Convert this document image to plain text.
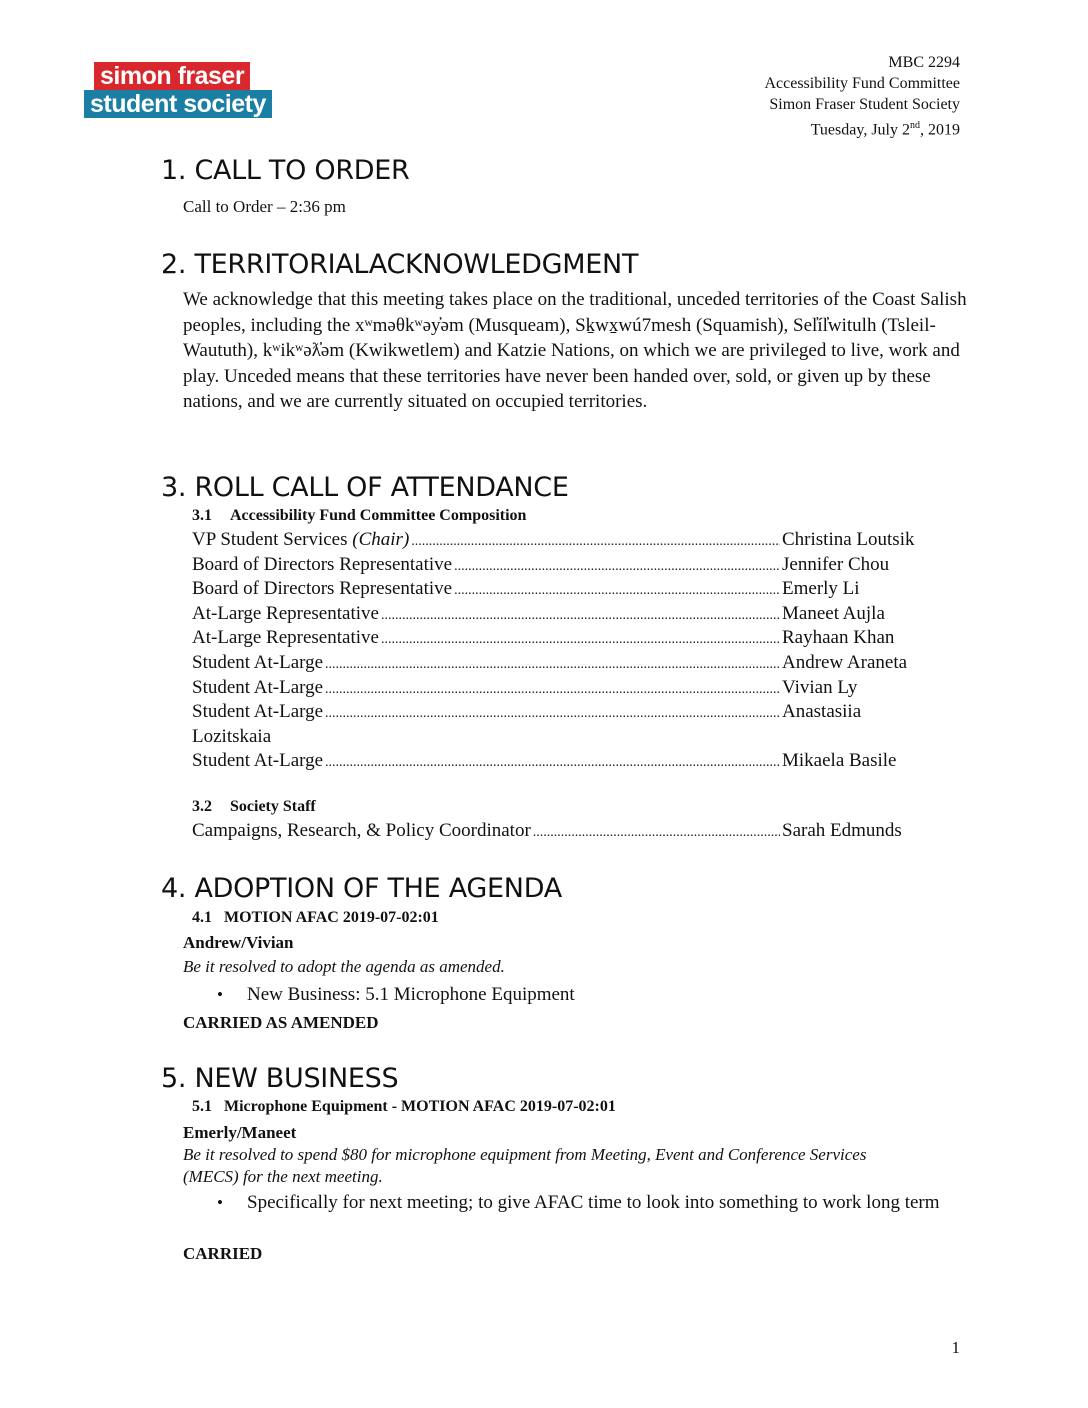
simon fraser
student society
MBC 2294
Accessibility Fund Committee
Simon Fraser Student Society
Tuesday, July 2nd, 2019
1. CALL TO ORDER
Call to Order – 2:36 pm
2. TERRITORIALACKNOWLEDGMENT
We acknowledge that this meeting takes place on the traditional, unceded territories of the Coast Salish peoples, including the xʷməθkʷəy̓əm (Musqueam), Sḵwx̱wú7mesh (Squamish), Sel̓íl̓witulh (Tsleil-Waututh), kʷikʷəƛ̓əm (Kwikwetlem) and Katzie Nations, on which we are privileged to live, work and play. Unceded means that these territories have never been handed over, sold, or given up by these nations, and we are currently situated on occupied territories.
3. ROLL CALL OF ATTENDANCE
3.1 Accessibility Fund Committee Composition
VP Student Services (Chair) .....	Christina Loutsik
Board of Directors Representative .....	Jennifer Chou
Board of Directors Representative .....	Emerly Li
At-Large Representative .....	Maneet Aujla
At-Large Representative .....	Rayhaan Khan
Student At-Large .....	Andrew Araneta
Student At-Large .....	Vivian Ly
Student At-Large .....	Anastasiia
Lozitskaia
Student At-Large .....	Mikaela Basile
3.2 Society Staff
Campaigns, Research, & Policy Coordinator .....	Sarah Edmunds
4. ADOPTION OF THE AGENDA
4.1 MOTION AFAC 2019-07-02:01
Andrew/Vivian
Be it resolved to adopt the agenda as amended.
• New Business: 5.1 Microphone Equipment
CARRIED AS AMENDED
5. NEW BUSINESS
5.1 Microphone Equipment - MOTION AFAC 2019-07-02:01
Emerly/Maneet
Be it resolved to spend $80 for microphone equipment from Meeting, Event and Conference Services (MECS) for the next meeting.
• Specifically for next meeting; to give AFAC time to look into something to work long term
CARRIED
1
